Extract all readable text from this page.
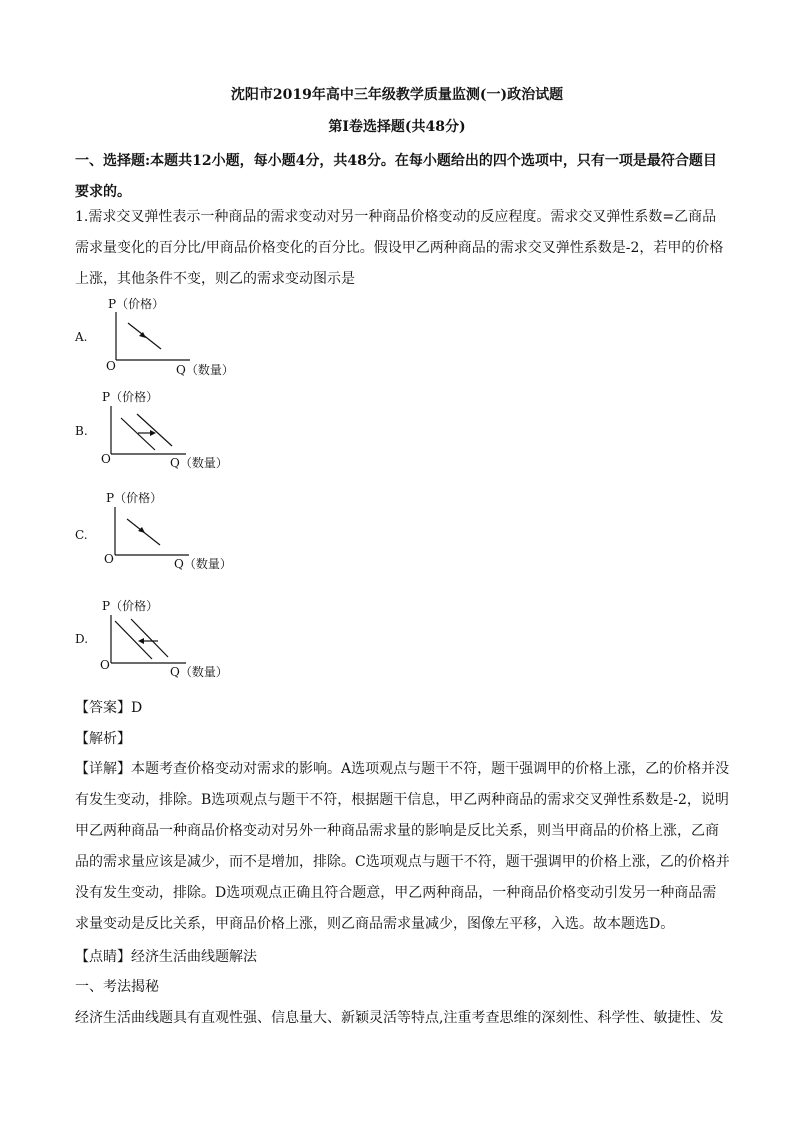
沈阳市2019年高中三年级教学质量监测(一)政治试题
第I卷选择题(共48分)
一、选择题:本题共12小题，每小题4分，共48分。在每小题给出的四个选项中，只有一项是最符合题目要求的。
1.需求交叉弹性表示一种商品的需求变动对另一种商品价格变动的反应程度。需求交叉弹性系数=乙商品需求量变化的百分比/甲商品价格变化的百分比。假设甲乙两种商品的需求交叉弹性系数是-2，若甲的价格上涨，其他条件不变，则乙的需求变动图示是
A.
P（价格）
O	Q（数量）
B.
P（价格）
O	Q（数量）
C.
P（价格）
O	Q（数量）
D.
P（价格）
O	Q（数量）
【答案】D
【解析】
【详解】本题考查价格变动对需求的影响。A选项观点与题干不符，题干强调甲的价格上涨，乙的价格并没有发生变动，排除。B选项观点与题干不符，根据题干信息，甲乙两种商品的需求交叉弹性系数是-2，说明甲乙两种商品一种商品价格变动对另外一种商品需求量的影响是反比关系，则当甲商品的价格上涨，乙商品的需求量应该是减少，而不是增加，排除。C选项观点与题干不符，题干强调甲的价格上涨，乙的价格并没有发生变动，排除。D选项观点正确且符合题意，甲乙两种商品，一种商品价格变动引发另一种商品需求量变动是反比关系，甲商品价格上涨，则乙商品需求量减少，图像左平移，入选。故本题选D。
【点睛】经济生活曲线题解法
一、考法揭秘
经济生活曲线题具有直观性强、信息量大、新颖灵活等特点,注重考查思维的深刻性、科学性、敏捷性、发
